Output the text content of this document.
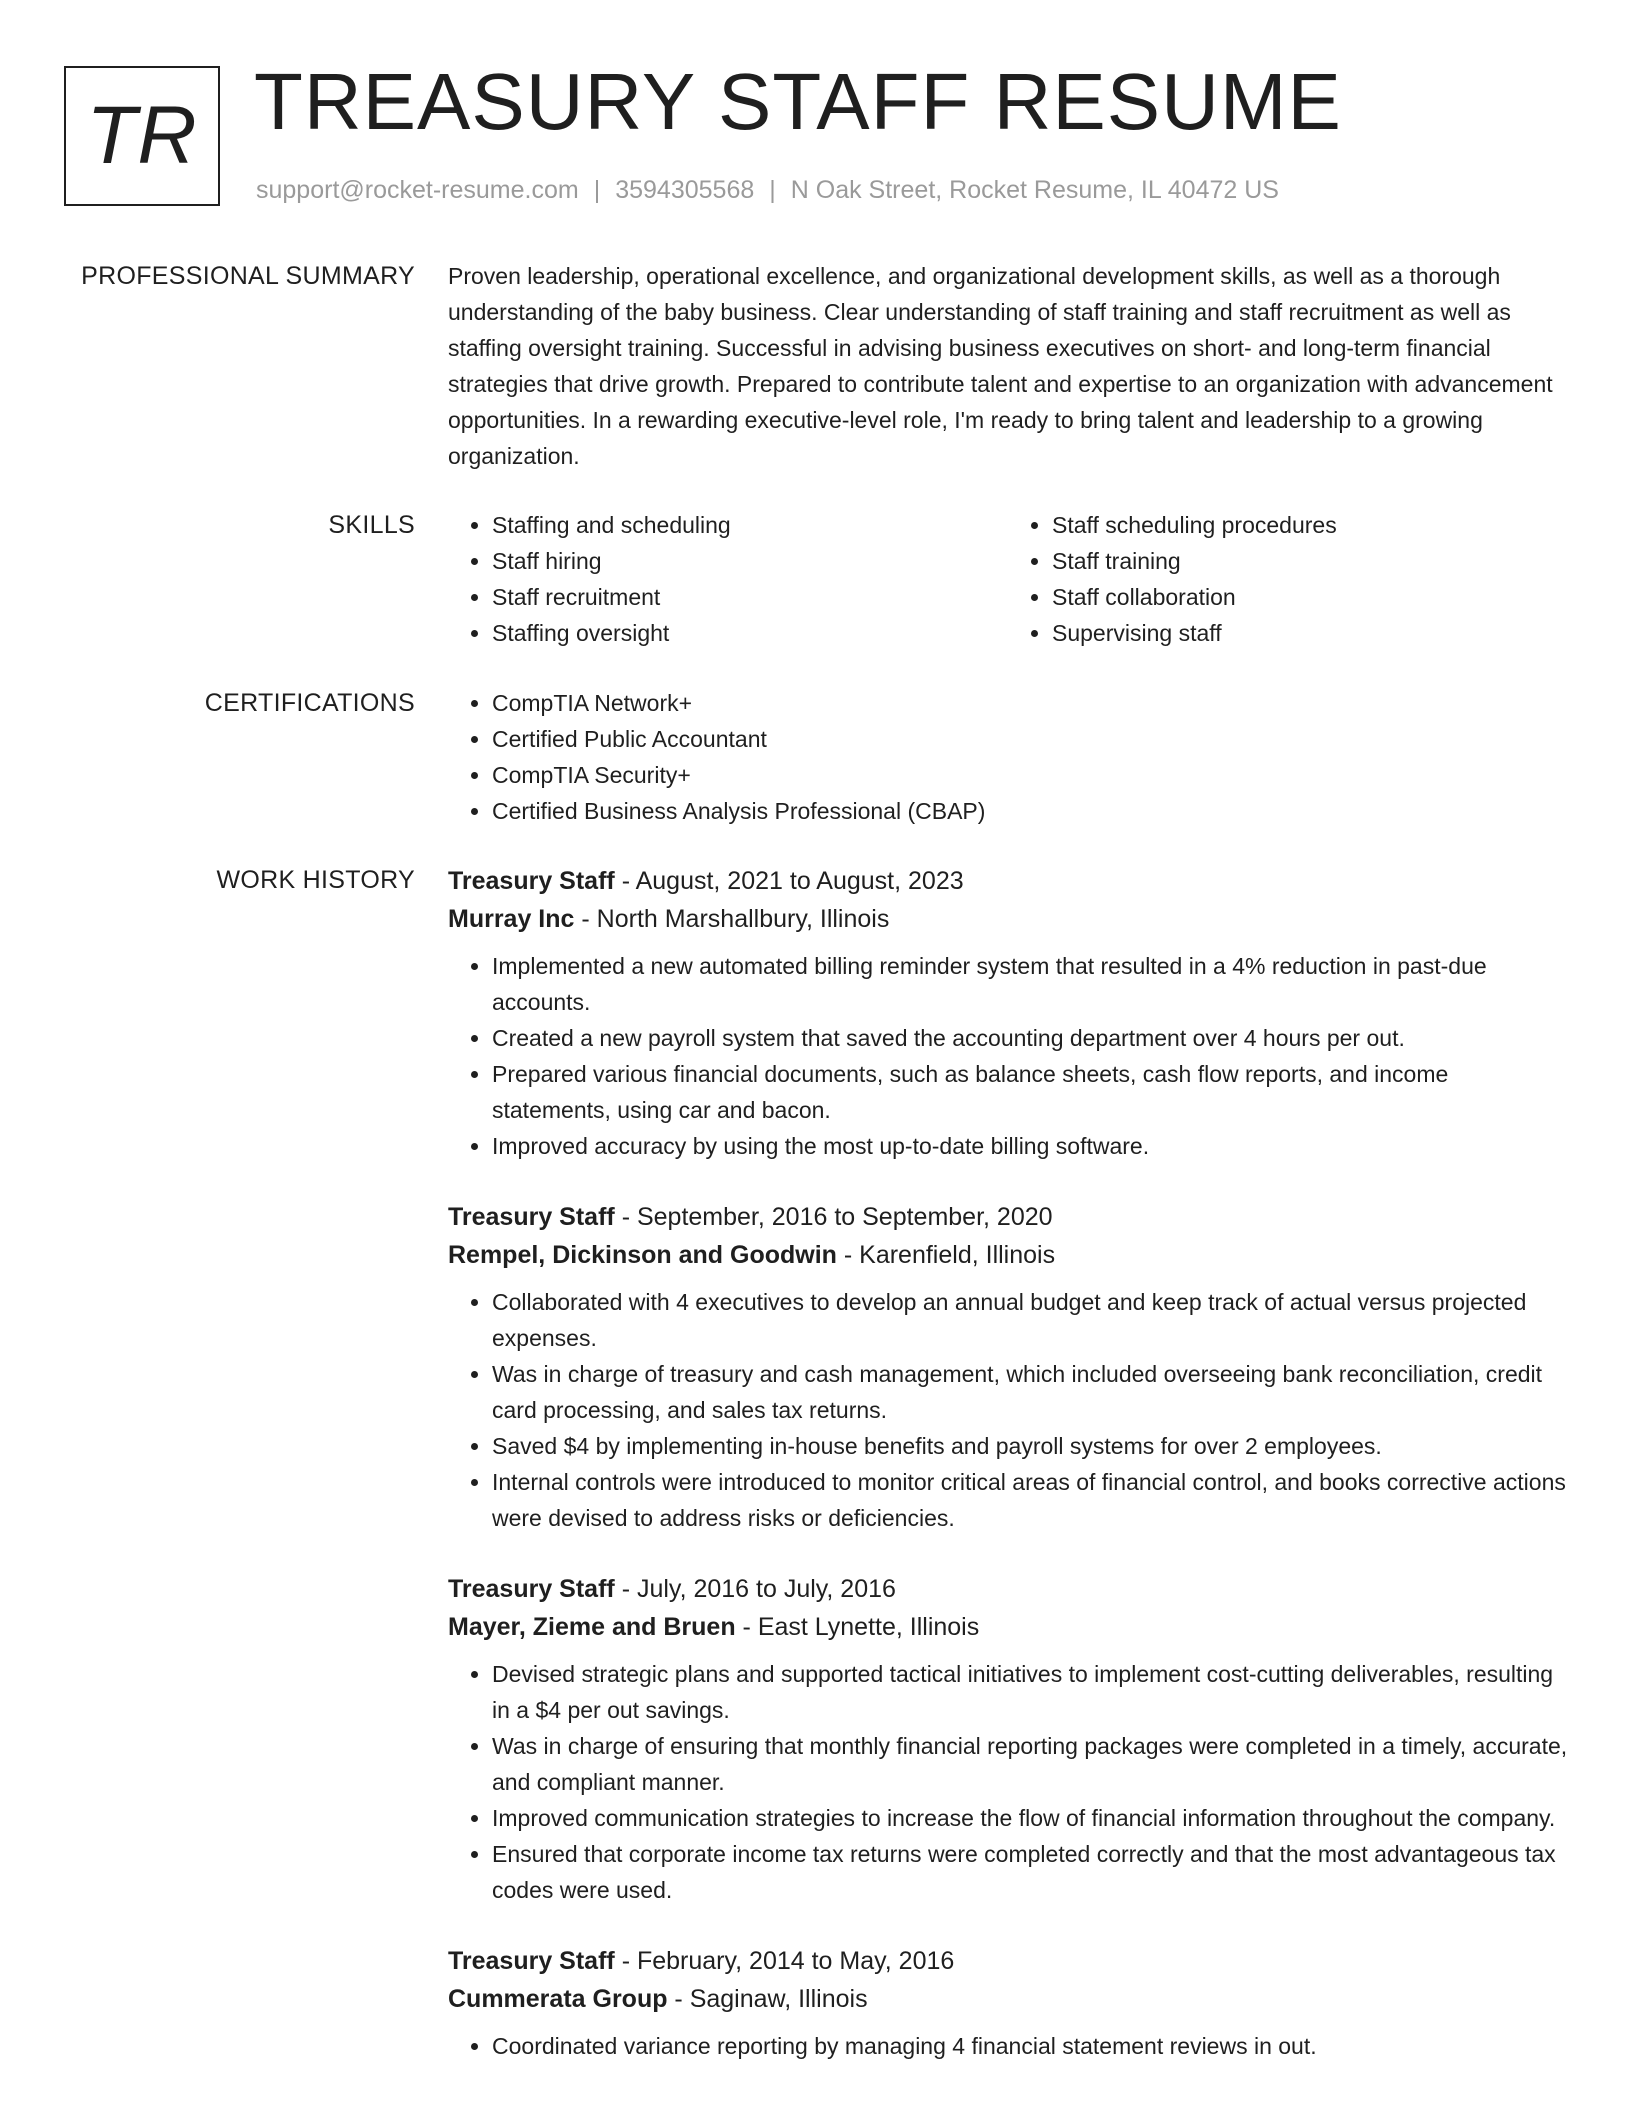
TR TREASURY STAFF RESUME
support@rocket-resume.com | 3594305568 | N Oak Street, Rocket Resume, IL 40472 US
PROFESSIONAL SUMMARY Proven leadership, operational excellence, and organizational development skills, as well as a thorough understanding of the baby business. Clear understanding of staff training and staff recruitment as well as staffing oversight training. Successful in advising business executives on short- and long-term financial strategies that drive growth. Prepared to contribute talent and expertise to an organization with advancement opportunities. In a rewarding executive-level role, I'm ready to bring talent and leadership to a growing organization.

SKILLS	• Staffing and scheduling
• Staff hiring
• Staff recruitment
• Staffing oversight
• Staff scheduling procedures
• Staff training
• Staff collaboration
• Supervising staff
CERTIFICATIONS	• CompTIA Network+
• Certified Public Accountant
• CompTIA Security+
• Certified Business Analysis Professional (CBAP)
WORK HISTORY Treasury Staff - August, 2021 to August, 2023
Murray Inc - North Marshallbury, Illinois
• Implemented a new automated billing reminder system that resulted in a 4% reduction in past-due accounts.
• Created a new payroll system that saved the accounting department over 4 hours per out.
• Prepared various financial documents, such as balance sheets, cash flow reports, and income statements, using car and bacon.
• Improved accuracy by using the most up-to-date billing software.
Treasury Staff - September, 2016 to September, 2020
Rempel, Dickinson and Goodwin - Karenfield, Illinois
• Collaborated with 4 executives to develop an annual budget and keep track of actual versus projected expenses.
• Was in charge of treasury and cash management, which included overseeing bank reconciliation, credit card processing, and sales tax returns.
• Saved $4 by implementing in-house benefits and payroll systems for over 2 employees.
• Internal controls were introduced to monitor critical areas of financial control, and books corrective actions were devised to address risks or deficiencies.
Treasury Staff - July, 2016 to July, 2016
Mayer, Zieme and Bruen - East Lynette, Illinois
• Devised strategic plans and supported tactical initiatives to implement cost-cutting deliverables, resulting in a $4 per out savings.
• Was in charge of ensuring that monthly financial reporting packages were completed in a timely, accurate, and compliant manner.
• Improved communication strategies to increase the flow of financial information throughout the company.
• Ensured that corporate income tax returns were completed correctly and that the most advantageous tax codes were used.
Treasury Staff - February, 2014 to May, 2016
Cummerata Group - Saginaw, Illinois
• Coordinated variance reporting by managing 4 financial statement reviews in out.
